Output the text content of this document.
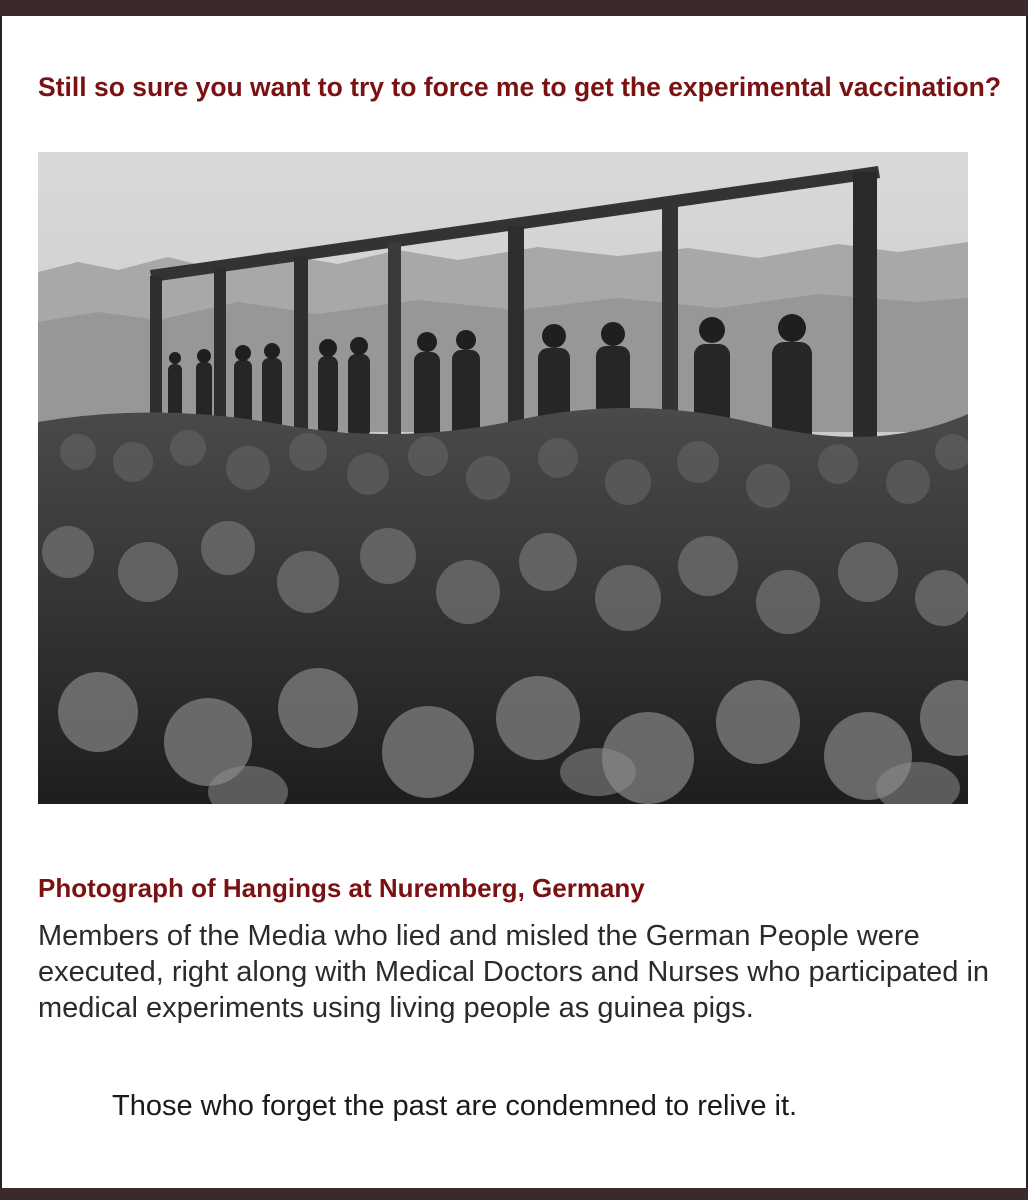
Still so sure you want to try to force me to get the experimental vaccination?
Photograph of Hangings at Nuremberg, Germany

Members of the Media who lied and misled the German People were executed, right along with Medical Doctors and Nurses who participated in medical experiments using living people as guinea pigs.

Those who forget the past are condemned to relive it.
